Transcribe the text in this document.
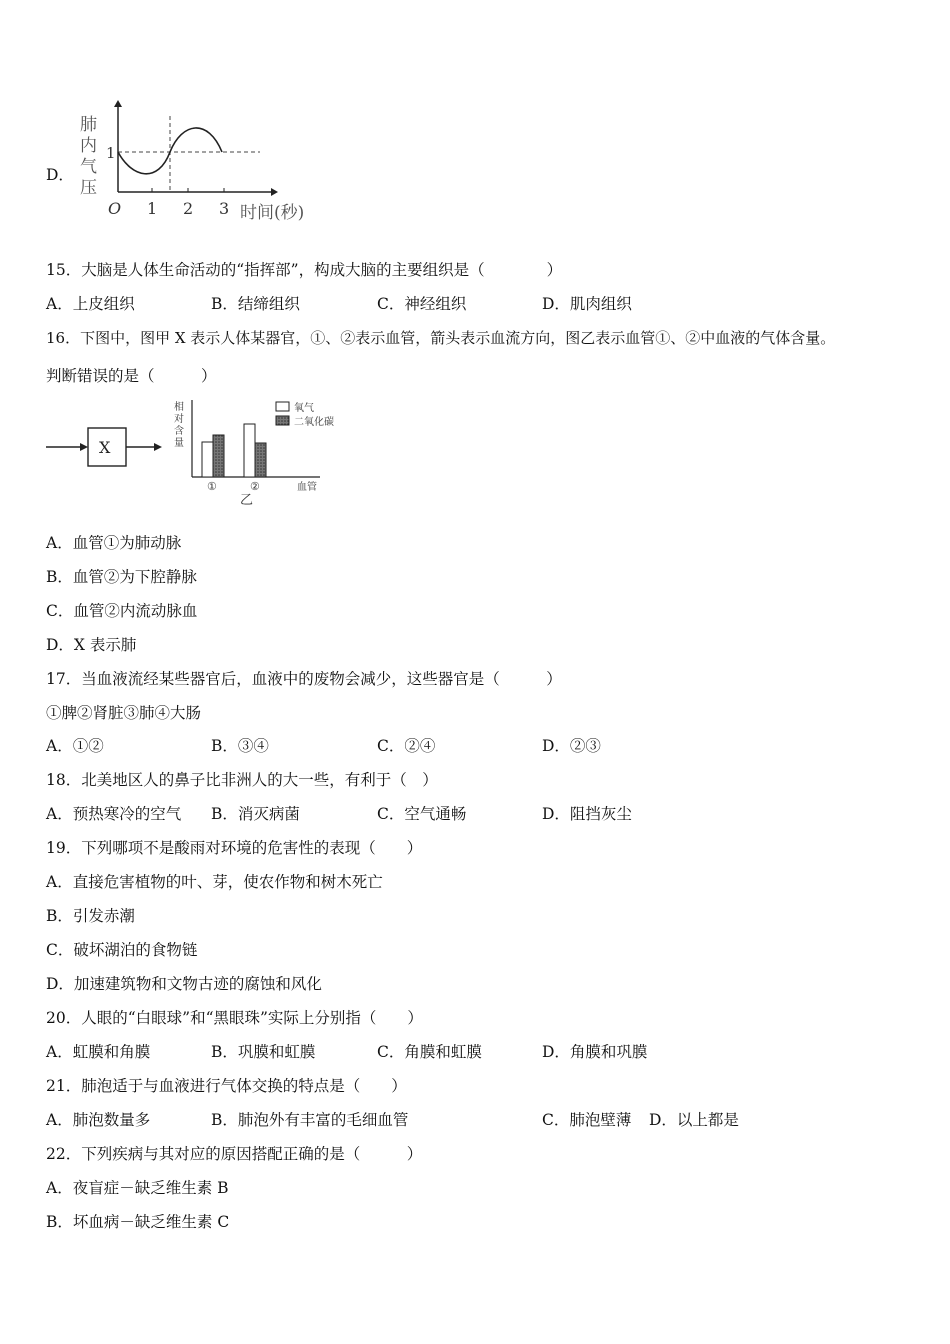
D．
肺
内
气
压
1
O 1 2 3 时间(秒)
15．大脑是人体生命活动的“指挥部”，构成大脑的主要组织是（　　　　）
A．上皮组织	B．结缔组织	C．神经组织	D．肌肉组织
16．下图中，图甲 X 表示人体某器官，①、②表示血管，箭头表示血流方向，图乙表示血管①、②中血液的气体含量。
判断错误的是（　　　）
X
相
对
含
量
氧气
二氧化碳
①	②	血管
乙
A．血管①为肺动脉
B．血管②为下腔静脉
C．血管②内流动脉血
D．X 表示肺
17．当血液流经某些器官后，血液中的废物会减少，这些器官是（　　　）
①脾②肾脏③肺④大肠
A．①②	B．③④	C．②④	D．②③
18．北美地区人的鼻子比非洲人的大一些，有利于（　）
A．预热寒冷的空气 B．消灭病菌	C．空气通畅	D．阻挡灰尘
19．下列哪项不是酸雨对环境的危害性的表现（　　）
A．直接危害植物的叶、芽，使农作物和树木死亡
B．引发赤潮
C．破坏湖泊的食物链
D．加速建筑物和文物古迹的腐蚀和风化
20．人眼的“白眼球”和“黑眼珠”实际上分别指（　　）
A．虹膜和角膜	B．巩膜和虹膜	C．角膜和虹膜	D．角膜和巩膜
21．肺泡适于与血液进行气体交换的特点是（　　）
A．肺泡数量多	B．肺泡外有丰富的毛细血管	C．肺泡壁薄 D．以上都是
22．下列疾病与其对应的原因搭配正确的是（　　　）
A．夜盲症－缺乏维生素 B
B．坏血病－缺乏维生素 C
